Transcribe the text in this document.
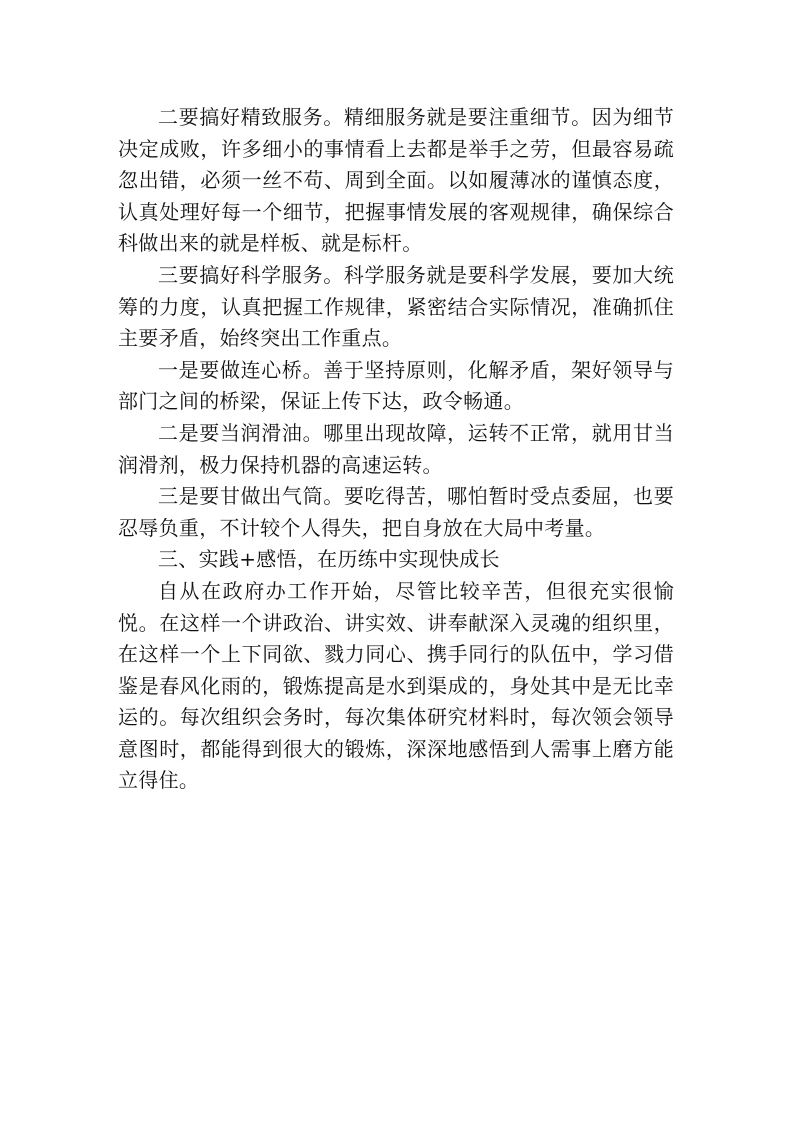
二要搞好精致服务。精细服务就是要注重细节。因为细节决定成败，许多细小的事情看上去都是举手之劳，但最容易疏忽出错，必须一丝不苟、周到全面。以如履薄冰的谨慎态度，认真处理好每一个细节，把握事情发展的客观规律，确保综合科做出来的就是样板、就是标杆。

三要搞好科学服务。科学服务就是要科学发展，要加大统筹的力度，认真把握工作规律，紧密结合实际情况，准确抓住主要矛盾，始终突出工作重点。

一是要做连心桥。善于坚持原则，化解矛盾，架好领导与部门之间的桥梁，保证上传下达，政令畅通。

二是要当润滑油。哪里出现故障，运转不正常，就用甘当润滑剂，极力保持机器的高速运转。

三是要甘做出气筒。要吃得苦，哪怕暂时受点委屈，也要忍辱负重，不计较个人得失，把自身放在大局中考量。

三、实践+感悟，在历练中实现快成长

自从在政府办工作开始，尽管比较辛苦，但很充实很愉悦。在这样一个讲政治、讲实效、讲奉献深入灵魂的组织里，在这样一个上下同欲、戮力同心、携手同行的队伍中，学习借鉴是春风化雨的，锻炼提高是水到渠成的，身处其中是无比幸运的。每次组织会务时，每次集体研究材料时，每次领会领导意图时，都能得到很大的锻炼，深深地感悟到人需事上磨方能立得住。
